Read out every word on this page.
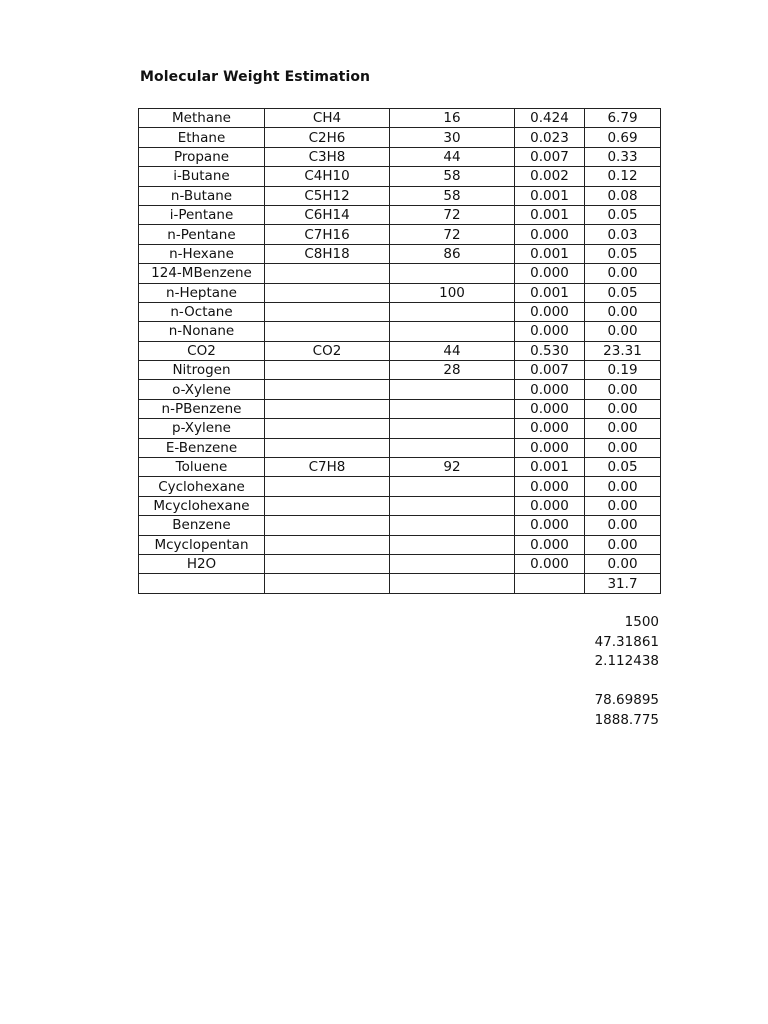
Molecular Weight Estimation
Methane	CH4	16	0.424	6.79
Ethane	C2H6	30	0.023	0.69
Propane	C3H8	44	0.007	0.33
i-Butane	C4H10	58	0.002	0.12
n-Butane	C5H12	58	0.001	0.08
i-Pentane	C6H14	72	0.001	0.05
n-Pentane	C7H16	72	0.000	0.03
n-Hexane	C8H18	86	0.001	0.05
124-MBenzene			0.000	0.00
n-Heptane		100	0.001	0.05
n-Octane			0.000	0.00
n-Nonane			0.000	0.00
CO2	CO2	44	0.530	23.31
Nitrogen		28	0.007	0.19
o-Xylene			0.000	0.00
n-PBenzene			0.000	0.00
p-Xylene			0.000	0.00
E-Benzene			0.000	0.00
Toluene	C7H8	92	0.001	0.05
Cyclohexane			0.000	0.00
Mcyclohexane			0.000	0.00
Benzene			0.000	0.00
Mcyclopentan			0.000	0.00
H2O			0.000	0.00
				31.7
1500
47.31861
2.112438
78.69895
1888.775
